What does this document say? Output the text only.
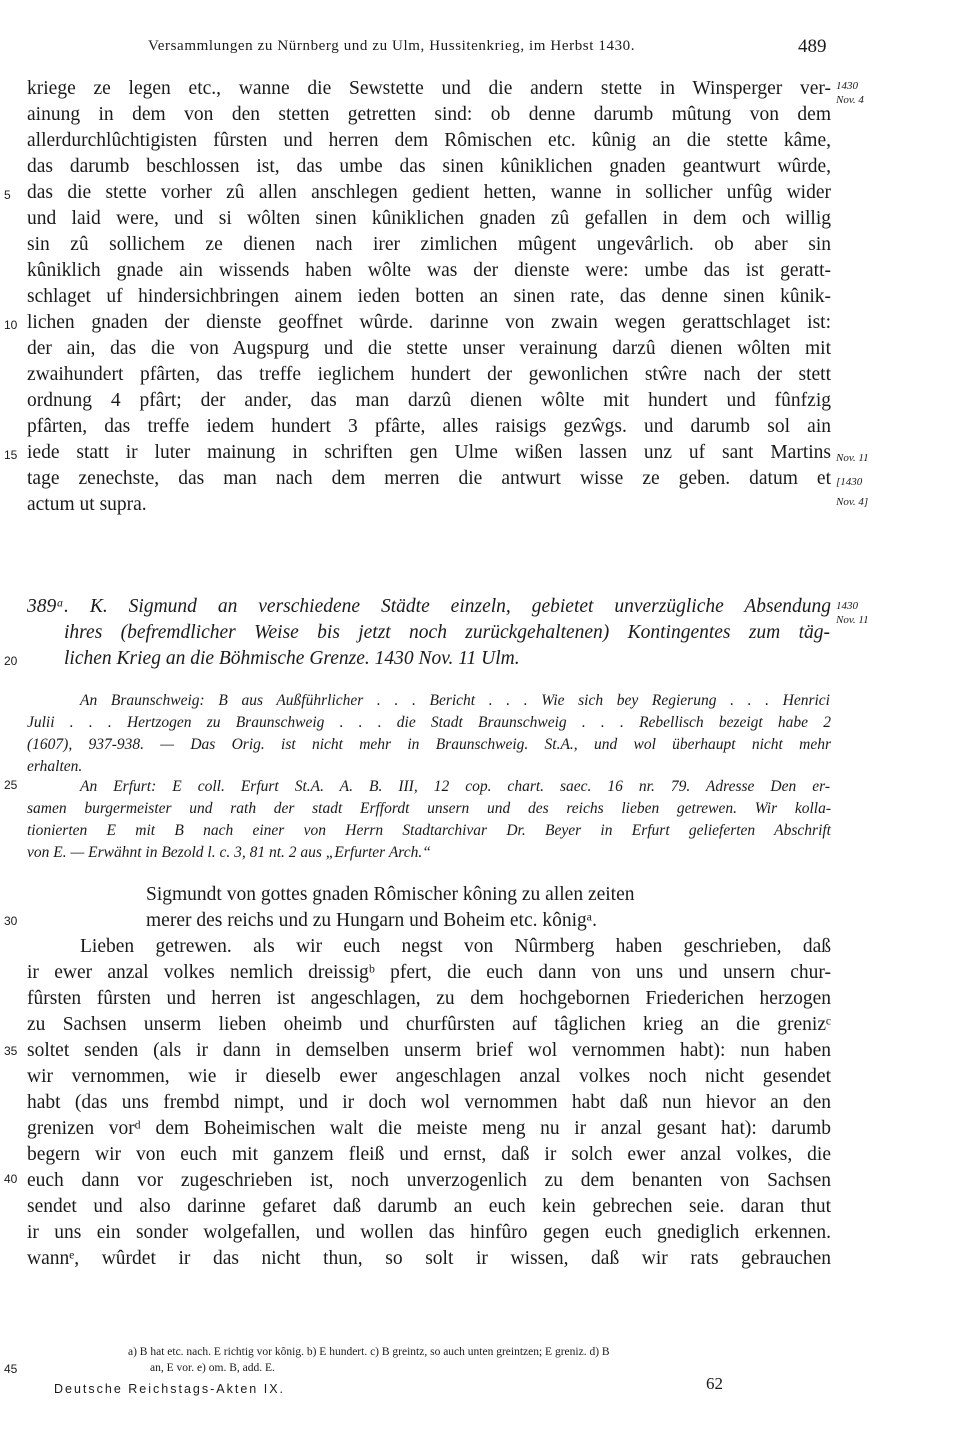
Versammlungen zu Nürnberg und zu Ulm, Hussitenkrieg, im Herbst 1430.	489
kriege ze legen etc., wanne die Sewstette und die andern stette in Winsperger ver-
ainung in dem von den stetten getretten sind: ob denne darumb mûtung von dem
allerdurchlûchtigisten fûrsten und herren dem Rômischen etc. kûnig an die stette kâme,
das darumb beschlossen ist, das umbe das sinen kûniklichen gnaden geantwurt wûrde,
das die stette vorher zû allen anschlegen gedient hetten, wanne in sollicher unfûg wider
und laid were, und si wôlten sinen kûniklichen gnaden zû gefallen in dem och willig
sin zû sollichem ze dienen nach irer zimlichen mûgent ungevârlich. ob aber sin
kûniklich gnade ain wissends haben wôlte was der dienste were: umbe das ist geratt-
schlaget uf hindersichbringen ainem ieden botten an sinen rate, das denne sinen kûnik-
lichen gnaden der dienste geoffnet wûrde. darinne von zwain wegen gerattschlaget ist:
der ain, das die von Augspurg und die stette unser verainung darzû dienen wôlten mit
zwaihundert pfârten, das treffe ieglichem hundert der gewonlichen stŵre nach der stett
ordnung 4 pfârt; der ander, das man darzû dienen wôlte mit hundert und fûnfzig
pfârten, das treffe iedem hundert 3 pfârte, alles raisigs gezŵgs. und darumb sol ain
iede statt ir luter mainung in schriften gen Ulme wißen lassen unz uf sant Martins
tage zenechste, das man nach dem merren die antwurt wisse ze geben. datum et
actum ut supra.
1430
Nov. 4
Nov. 11
[1430
Nov. 4]
389ᵃ. K. Sigmund an verschiedene Städte einzeln, gebietet unverzügliche Absendung
ihres (befremdlicher Weise bis jetzt noch zurückgehaltenen) Kontingentes zum täg-
lichen Krieg an die Böhmische Grenze. 1430 Nov. 11 Ulm.
1430
Nov. 11
An Braunschweig: B aus Außführlicher . . . Bericht . . . Wie sich bey Regierung . . . Henrici
Julii . . . Hertzogen zu Braunschweig . . . die Stadt Braunschweig . . . Rebellisch bezeigt habe 2
(1607), 937-938. — Das Orig. ist nicht mehr in Braunschweig. St.A., und wol überhaupt nicht mehr
erhalten.
An Erfurt: E coll. Erfurt St.A. A. B. III, 12 cop. chart. saec. 16 nr. 79. Adresse Den er-
samen burgermeister und rath der stadt Erffordt unsern und des reichs lieben getrewen. Wir kolla-
tionierten E mit B nach einer von Herrn Stadtarchivar Dr. Beyer in Erfurt gelieferten Abschrift
von E. — Erwähnt in Bezold l. c. 3, 81 nt. 2 aus „Erfurter Arch.“
Sigmundt von gottes gnaden Rômischer kôning zu allen zeiten
merer des reichs und zu Hungarn und Boheim etc. kônigᵃ.
Lieben getrewen. als wir euch negst von Nûrmberg haben geschrieben, daß
ir ewer anzal volkes nemlich dreissigᵇ pfert, die euch dann von uns und unsern chur-
fûrsten fûrsten und herren ist angeschlagen, zu dem hochgebornen Friederichen herzogen
zu Sachsen unserm lieben oheimb und churfûrsten auf tâglichen krieg an die grenizᶜ
soltet senden (als ir dann in demselben unserm brief wol vernommen habt): nun haben
wir vernommen, wie ir dieselb ewer angeschlagen anzal volkes noch nicht gesendet
habt (das uns frembd nimpt, und ir doch wol vernommen habt daß nun hievor an den
grenizen vorᵈ dem Boheimischen walt die meiste meng nu ir anzal gesant hat): darumb
begern wir von euch mit ganzem fleiß und ernst, daß ir solch ewer anzal volkes, die
euch dann vor zugeschrieben ist, noch unverzogenlich zu dem benanten von Sachsen
sendet und also darinne gefaret daß darumb an euch kein gebrechen seie. daran thut
ir uns ein sonder wolgefallen, und wollen das hinfûro gegen euch gnediglich erkennen.
wannᵉ, wûrdet ir das nicht thun, so solt ir wissen, daß wir rats gebrauchen
5
10
15
20
25
30
35
40
45
a) B hat etc. nach. E richtig vor kônig. b) E hundert. c) B greintz, so auch unten greintzen; E greniz. d) B
an, E vor. e) om. B, add. E.
Deutsche Reichstags-Akten IX.	62
